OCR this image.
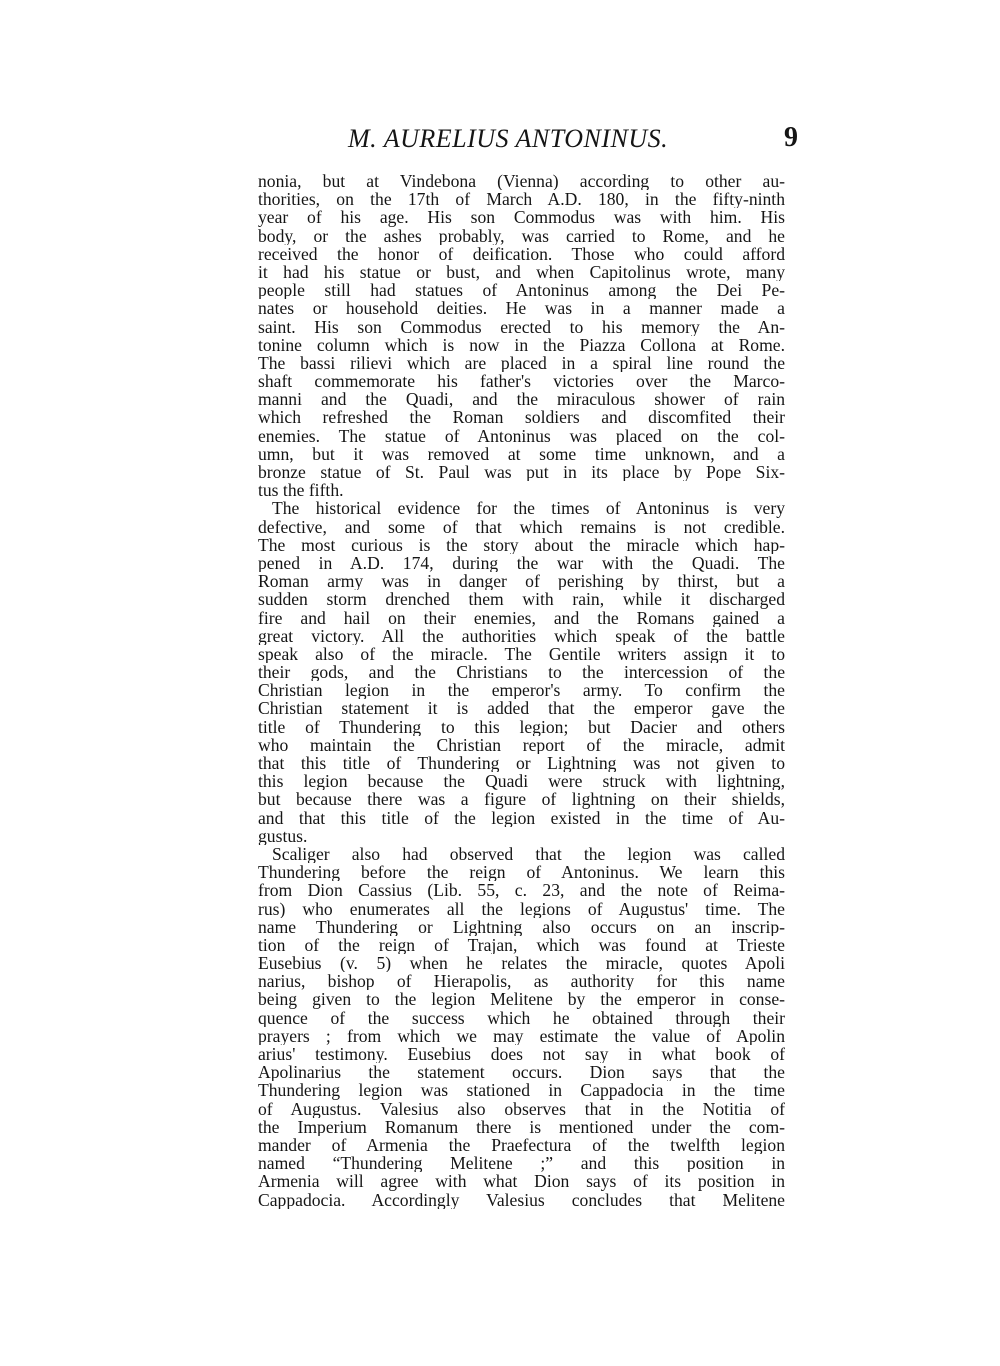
M. AURELIUS ANTONINUS.	9
nonia, but at Vindebona (Vienna) according to other au-
thorities, on the 17th of March A.D. 180, in the fifty-ninth
year of his age. His son Commodus was with him. His
body, or the ashes probably, was carried to Rome, and he
received the honor of deification. Those who could afford
it had his statue or bust, and when Capitolinus wrote, many
people still had statues of Antoninus among the Dei Pe-
nates or household deities. He was in a manner made a
saint. His son Commodus erected to his memory the An-
tonine column which is now in the Piazza Collona at Rome.
The bassi rilievi which are placed in a spiral line round the
shaft commemorate his father's victories over the Marco-
manni and the Quadi, and the miraculous shower of rain
which refreshed the Roman soldiers and discomfited their
enemies. The statue of Antoninus was placed on the col-
umn, but it was removed at some time unknown, and a
bronze statue of St. Paul was put in its place by Pope Six-
tus the fifth.
The historical evidence for the times of Antoninus is very
defective, and some of that which remains is not credible.
The most curious is the story about the miracle which hap-
pened in A.D. 174, during the war with the Quadi. The
Roman army was in danger of perishing by thirst, but a
sudden storm drenched them with rain, while it discharged
fire and hail on their enemies, and the Romans gained a
great victory. All the authorities which speak of the battle
speak also of the miracle. The Gentile writers assign it to
their gods, and the Christians to the intercession of the
Christian legion in the emperor's army. To confirm the
Christian statement it is added that the emperor gave the
title of Thundering to this legion; but Dacier and others
who maintain the Christian report of the miracle, admit
that this title of Thundering or Lightning was not given to
this legion because the Quadi were struck with lightning,
but because there was a figure of lightning on their shields,
and that this title of the legion existed in the time of Au-
gustus.
Scaliger also had observed that the legion was called
Thundering before the reign of Antoninus. We learn this
from Dion Cassius (Lib. 55, c. 23, and the note of Reima-
rus) who enumerates all the legions of Augustus' time. The
name Thundering or Lightning also occurs on an inscrip-
tion of the reign of Trajan, which was found at Trieste
Eusebius (v. 5) when he relates the miracle, quotes Apoli
narius, bishop of Hierapolis, as authority for this name
being given to the legion Melitene by the emperor in conse-
quence of the success which he obtained through their
prayers ; from which we may estimate the value of Apolin
arius' testimony. Eusebius does not say in what book of
Apolinarius the statement occurs. Dion says that the
Thundering legion was stationed in Cappadocia in the time
of Augustus. Valesius also observes that in the Notitia of
the Imperium Romanum there is mentioned under the com-
mander of Armenia the Praefectura of the twelfth legion
named “Thundering Melitene ;” and this position in
Armenia will agree with what Dion says of its position in
Cappadocia. Accordingly Valesius concludes that Melitene
